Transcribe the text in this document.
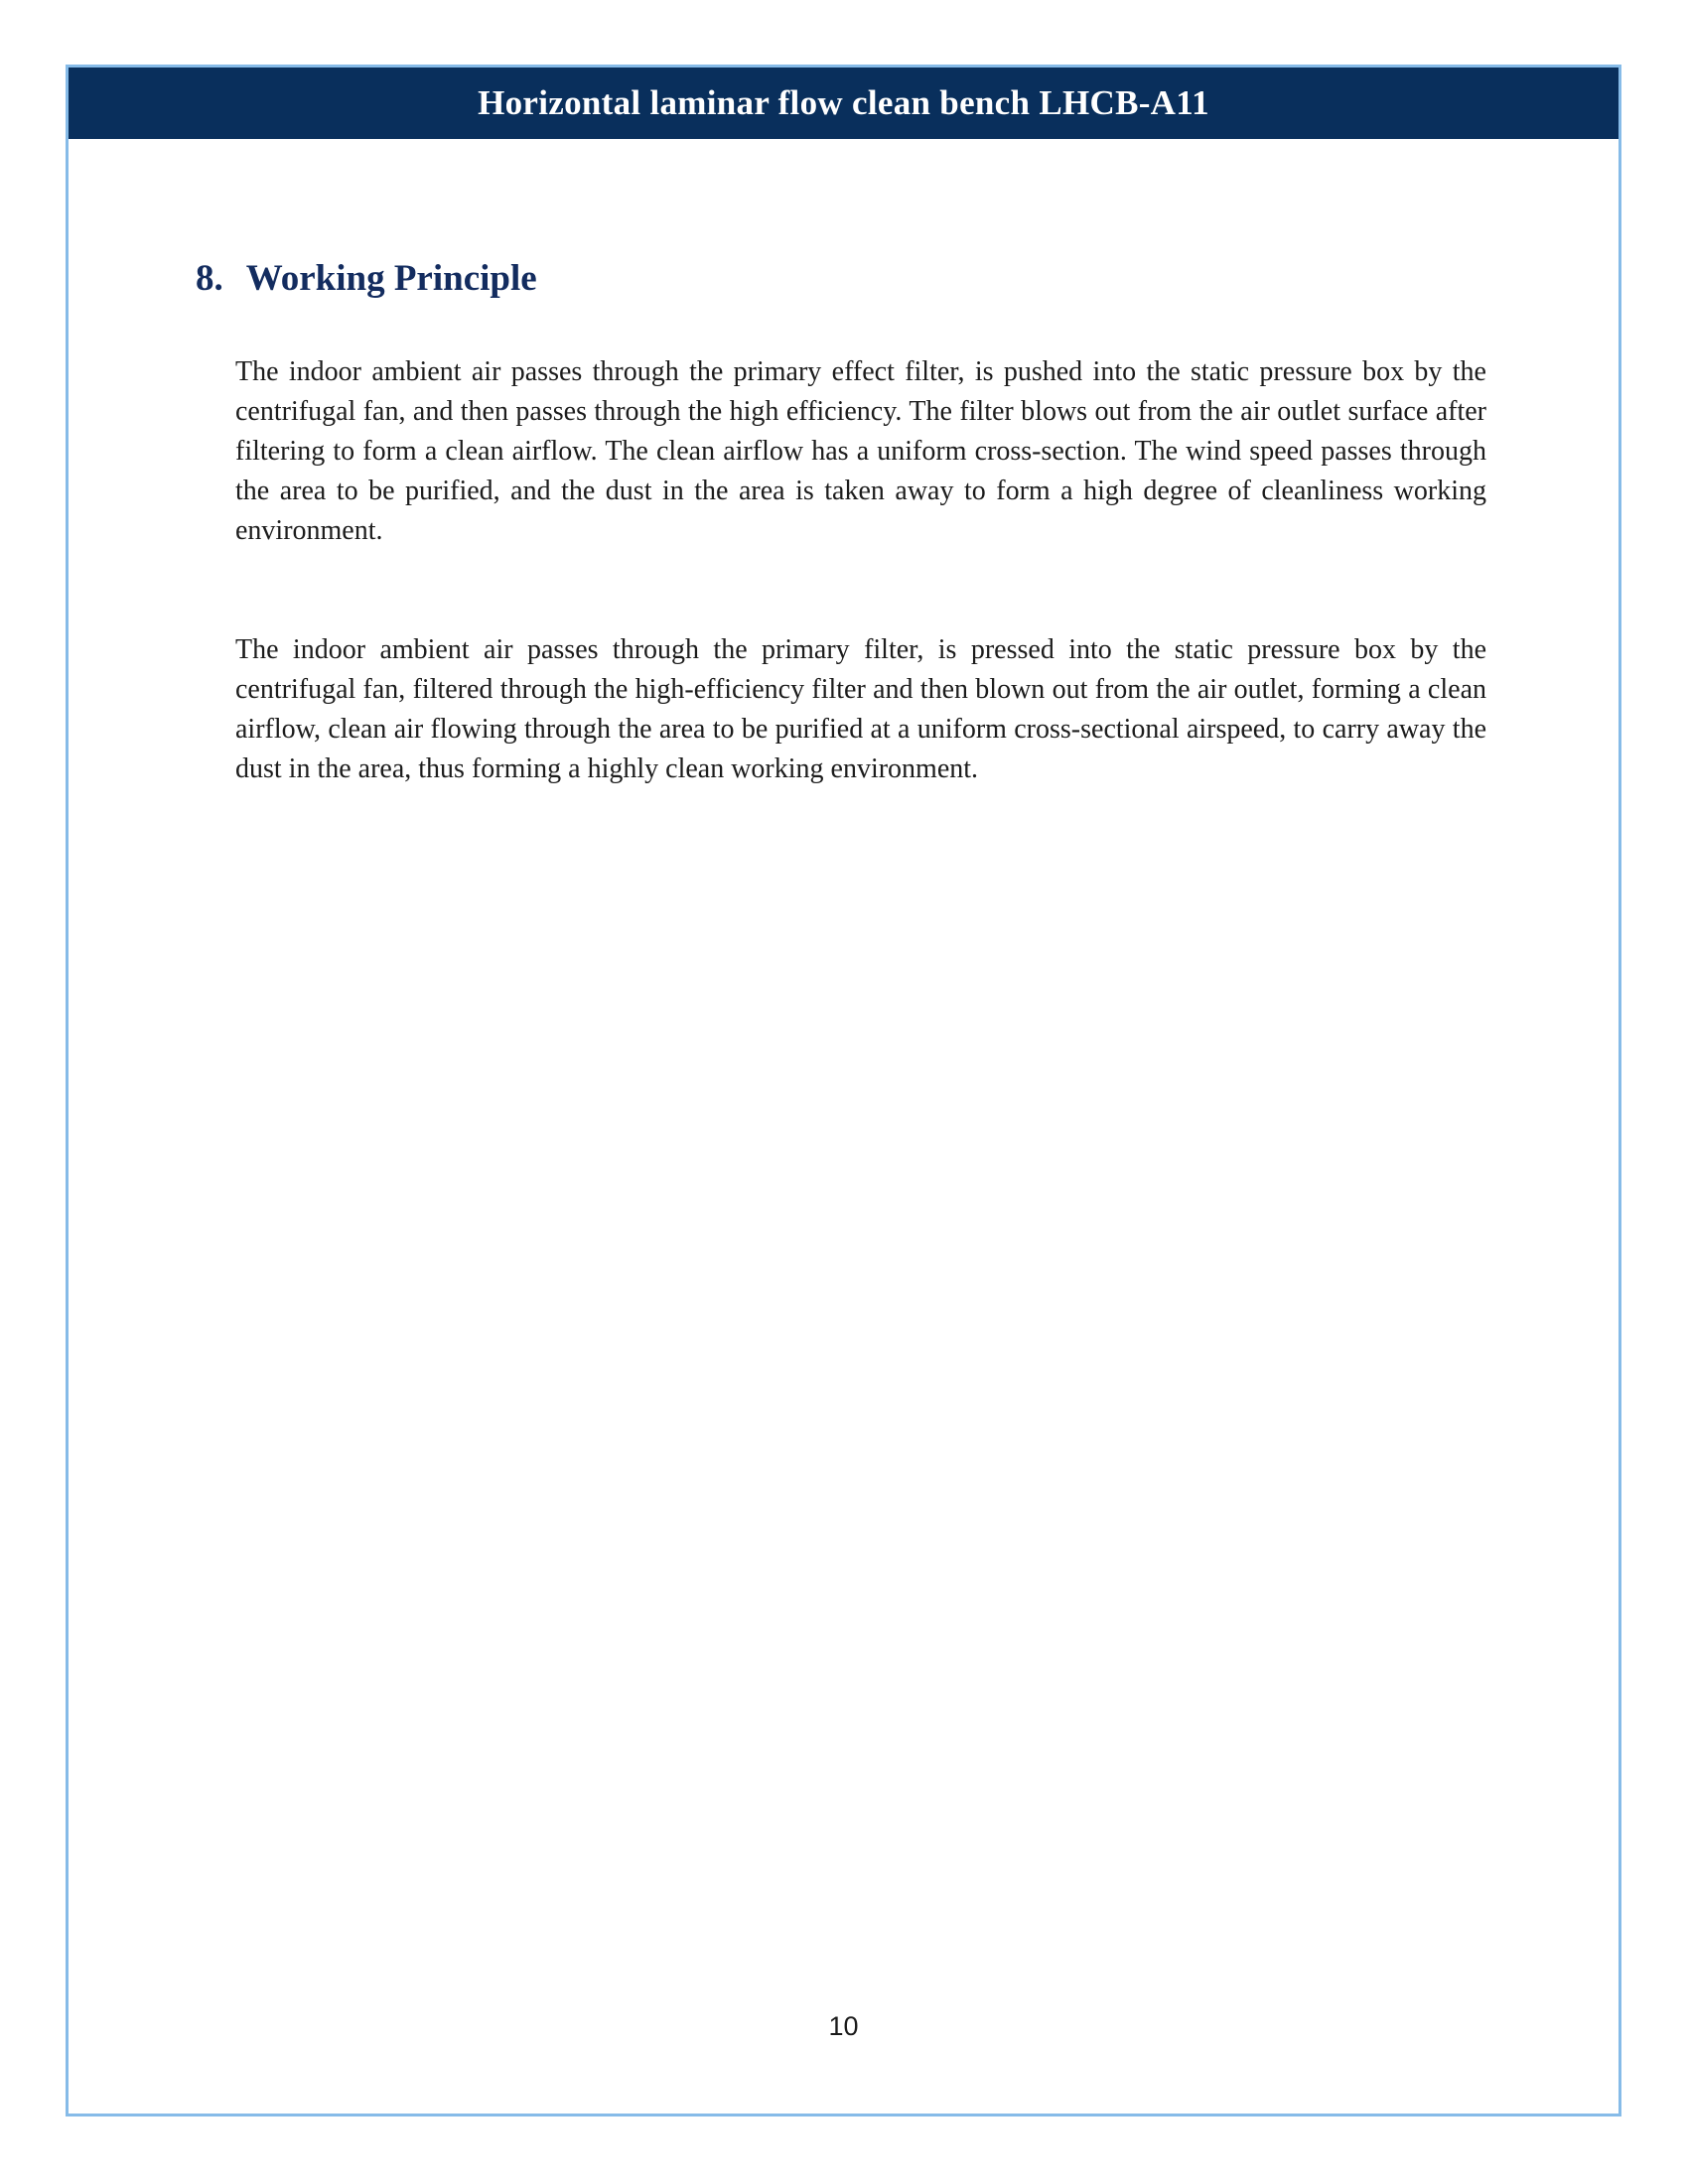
Horizontal laminar flow clean bench LHCB-A11
8. Working Principle

The indoor ambient air passes through the primary effect filter, is pushed into the static pressure box by the centrifugal fan, and then passes through the high efficiency. The filter blows out from the air outlet surface after filtering to form a clean airflow. The clean airflow has a uniform cross-section. The wind speed passes through the area to be purified, and the dust in the area is taken away to form a high degree of cleanliness working environment.

The indoor ambient air passes through the primary filter, is pressed into the static pressure box by the centrifugal fan, filtered through the high-efficiency filter and then blown out from the air outlet, forming a clean airflow, clean air flowing through the area to be purified at a uniform cross-sectional airspeed, to carry away the dust in the area, thus forming a highly clean working environment.

10
